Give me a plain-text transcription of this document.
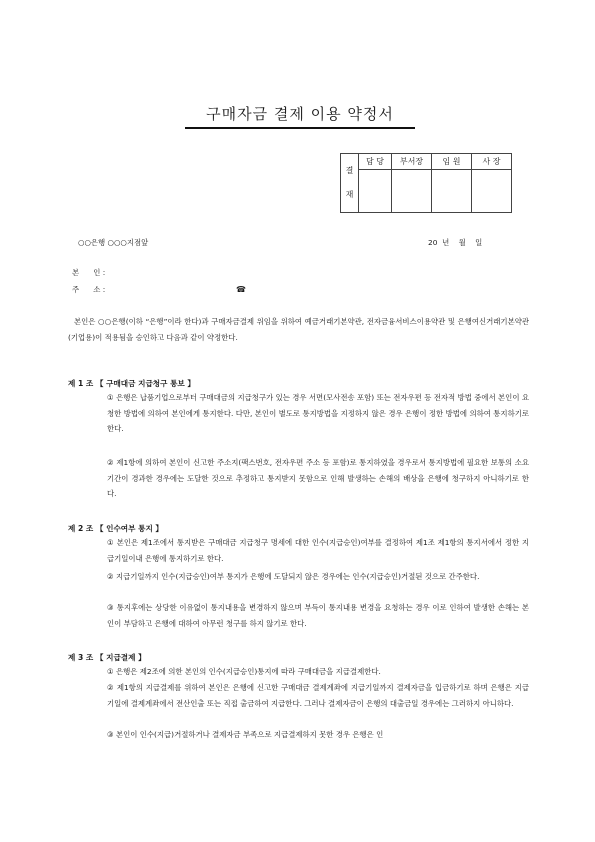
구매자금 결제 이용 약정서
결

재	담 당	부서장	임 원	사 장

○○은행 ○○○지점앞	20  년    월    일
본      인 :
주      소 :	☎
본인은 ○○은행(이하 “은행”이라 한다)과 구매자금결제 위임을 위하여 예금거래기본약관, 전자금융서비스이용약관 및 은행여신거래기본약관(기업용)이 적용됨을 승인하고 다음과 같이 약정한다.
제 1 조 【 구매대금 지급청구 통보 】
① 은행은 납품기업으로부터 구매대금의 지급청구가 있는 경우 서면(모사전송 포함) 또는 전자우편 등 전자적 방법 중에서 본인이 요청한 방법에 의하여 본인에게 통지한다. 다만, 본인이 별도로 통지방법을 지정하지 않은 경우 은행이 정한 방법에 의하여 통지하기로 한다.
② 제1항에 의하여 본인이 신고한 주소지(팩스번호, 전자우편 주소 등 포함)로 통지하였을 경우로서 통지방법에 필요한 보통의 소요기간이 경과한 경우에는 도달한 것으로 추정하고 통지받지 못함으로 인해 발생하는 손해의 배상을 은행에 청구하지 아니하기로 한다.
제 2 조 【 인수여부 통지 】
① 본인은 제1조에서 통지받은 구매대금 지급청구 명세에 대한 인수(지급승인)여부를 결정하여 제1조 제1항의 통지서에서 정한 지급기일이내 은행에 통지하기로 한다.
② 지급기일까지 인수(지급승인)여부 통지가 은행에 도달되지 않은 경우에는 인수(지급승인)거절된 것으로 간주한다.
③ 통지후에는 상당한 이유없이 통지내용을 변경하지 않으며 부득이 통지내용 변경을 요청하는 경우 이로 인하여 발생한 손해는 본인이 부담하고 은행에 대하여 아무런 청구를 하지 않기로 한다.
제 3 조 【 지급결제 】
① 은행은 제2조에 의한 본인의 인수(지급승인)통지에 따라 구매대금을 지급결제한다.
② 제1항의 지급결제를 위하여 본인은 은행에 신고한 구매대금 결제계좌에 지급기일까지 결제자금을 입금하기로 하며 은행은 지급기일에 결제계좌에서 전산인출 또는 직접 출금하여 지급한다. 그러나 결제자금이 은행의 대출금일 경우에는 그러하지 아니하다.
③ 본인이 인수(지급)거절하거나 결제자금 부족으로 지급결제하지 못한 경우 은행은 인
